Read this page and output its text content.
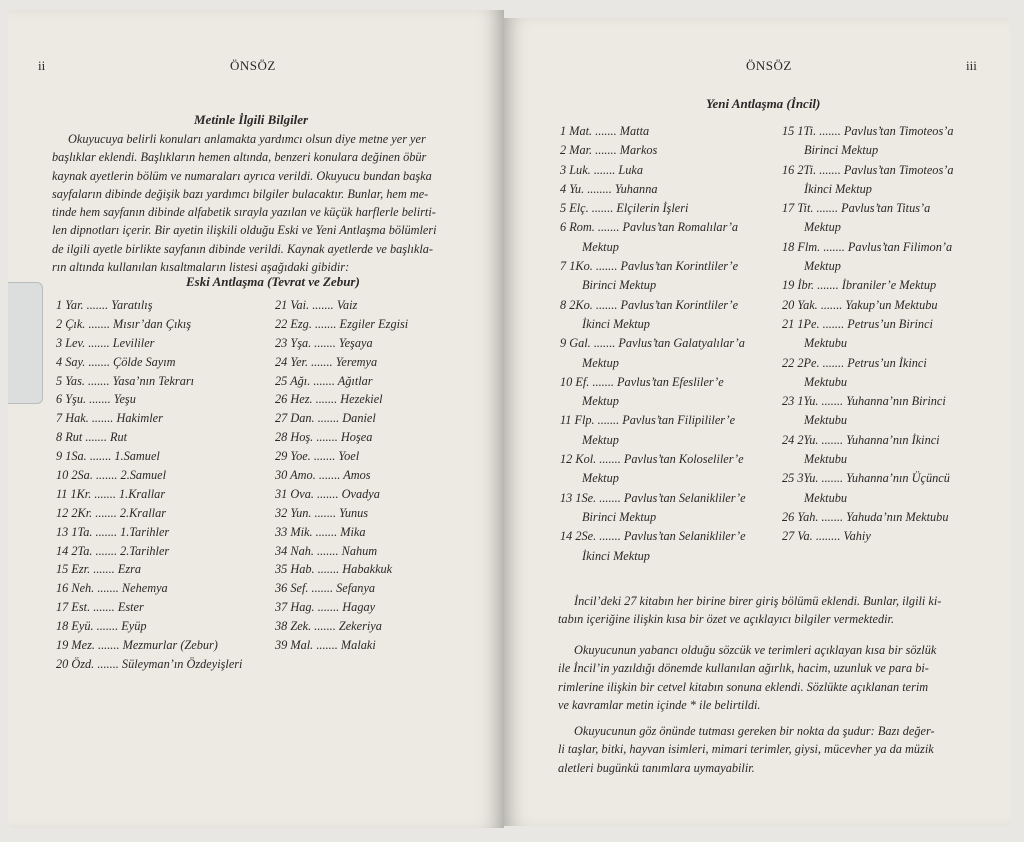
ii	ÖNSÖZ
Metinle İlgili Bilgiler
Okuyucuya belirli konuları anlamakta yardımcı olsun diye metne yer yer
başlıklar eklendi. Başlıkların hemen altında, benzeri konulara değinen öbür
kaynak ayetlerin bölüm ve numaraları ayrıca verildi. Okuyucu bundan başka
sayfaların dibinde değişik bazı yardımcı bilgiler bulacaktır. Bunlar, hem me-
tinde hem sayfanın dibinde alfabetik sırayla yazılan ve küçük harflerle belirti-
len dipnotları içerir. Bir ayetin ilişkili olduğu Eski ve Yeni Antlaşma bölümleri
de ilgili ayetle birlikte sayfanın dibinde verildi. Kaynak ayetlerde ve başlıkla-
rın altında kullanılan kısaltmaların listesi aşağıdaki gibidir:
Eski Antlaşma (Tevrat ve Zebur)
1 Yar. ....... Yaratılış
2 Çık. ....... Mısır’dan Çıkış
3 Lev. ....... Levililer
4 Say. ....... Çölde Sayım
5 Yas. ....... Yasa’nın Tekrarı
6 Yşu. ....... Yeşu
7 Hak. ....... Hakimler
8 Rut ....... Rut
9 1Sa. ....... 1.Samuel
10 2Sa. ....... 2.Samuel
11 1Kr. ....... 1.Krallar
12 2Kr. ....... 2.Krallar
13 1Ta. ....... 1.Tarihler
14 2Ta. ....... 2.Tarihler
15 Ezr. ....... Ezra
16 Neh. ....... Nehemya
17 Est. ....... Ester
18 Eyü. ....... Eyüp
19 Mez. ....... Mezmurlar (Zebur)
20 Özd. ....... Süleyman’ın Özdeyişleri
21 Vai. ....... Vaiz
22 Ezg. ....... Ezgiler Ezgisi
23 Yşa. ....... Yeşaya
24 Yer. ....... Yeremya
25 Ağı. ....... Ağıtlar
26 Hez. ....... Hezekiel
27 Dan. ....... Daniel
28 Hoş. ....... Hoşea
29 Yoe. ....... Yoel
30 Amo. ....... Amos
31 Ova. ....... Ovadya
32 Yun. ....... Yunus
33 Mik. ....... Mika
34 Nah. ....... Nahum
35 Hab. ....... Habakkuk
36 Sef. ....... Sefanya
37 Hag. ....... Hagay
38 Zek. ....... Zekeriya
39 Mal. ....... Malaki
ÖNSÖZ	iii
Yeni Antlaşma (İncil)
1 Mat. ....... Matta
2 Mar. ....... Markos
3 Luk. ....... Luka
4 Yu. ........ Yuhanna
5 Elç. ....... Elçilerin İşleri
6 Rom. ....... Pavlus’tan Romalılar’a
Mektup
7 1Ko. ....... Pavlus’tan Korintliler’e
Birinci Mektup
8 2Ko. ....... Pavlus’tan Korintliler’e
İkinci Mektup
9 Gal. ....... Pavlus’tan Galatyalılar’a
Mektup
10 Ef. ....... Pavlus’tan Efesliler’e
Mektup
11 Flp. ....... Pavlus’tan Filipililer’e
Mektup
12 Kol. ....... Pavlus’tan Koloseliler’e
Mektup
13 1Se. ....... Pavlus’tan Selanikliler’e
Birinci Mektup
14 2Se. ....... Pavlus’tan Selanikliler’e
İkinci Mektup
15 1Ti. ....... Pavlus’tan Timoteos’a
Birinci Mektup
16 2Ti. ....... Pavlus’tan Timoteos’a
İkinci Mektup
17 Tit. ....... Pavlus’tan Titus’a
Mektup
18 Flm. ....... Pavlus’tan Filimon’a
Mektup
19 İbr. ....... İbraniler’e Mektup
20 Yak. ....... Yakup’un Mektubu
21 1Pe. ....... Petrus’un Birinci
Mektubu
22 2Pe. ....... Petrus’un İkinci
Mektubu
23 1Yu. ....... Yuhanna’nın Birinci
Mektubu
24 2Yu. ....... Yuhanna’nın İkinci
Mektubu
25 3Yu. ....... Yuhanna’nın Üçüncü
Mektubu
26 Yah. ....... Yahuda’nın Mektubu
27 Va. ........ Vahiy
İncil’deki 27 kitabın her birine birer giriş bölümü eklendi. Bunlar, ilgili ki-
tabın içeriğine ilişkin kısa bir özet ve açıklayıcı bilgiler vermektedir.
Okuyucunun yabancı olduğu sözcük ve terimleri açıklayan kısa bir sözlük
ile İncil’in yazıldığı dönemde kullanılan ağırlık, hacim, uzunluk ve para bi-
rimlerine ilişkin bir cetvel kitabın sonuna eklendi. Sözlükte açıklanan terim
ve kavramlar metin içinde * ile belirtildi.
Okuyucunun göz önünde tutması gereken bir nokta da şudur: Bazı değer-
li taşlar, bitki, hayvan isimleri, mimari terimler, giysi, mücevher ya da müzik
aletleri bugünkü tanımlara uymayabilir.
